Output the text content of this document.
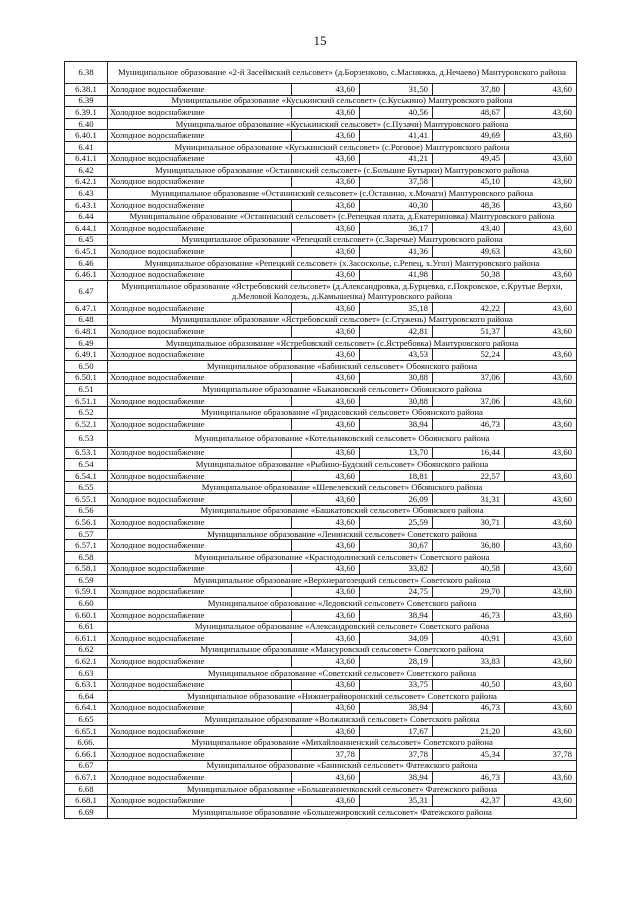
15
6.38	Муниципальное образование «2-й Засеймский сельсовет» (д.Борзенково, с.Масняжка, д.Нечаево) Мантуровского района				
6.38.1	Холодное водоснабжение	43,60	31,50	37,80	43,60
6.39	Муниципальное образование «Куськинский сельсовет» (с.Куськино) Мантуровского района				
6.39.1	Холодное водоснабжение	43,60	40,56	48,67	43,60
6.40	Муниципальное образование «Куськинский сельсовет» (с.Пузачи) Мантуровского района				
6.40.1	Холодное водоснабжение	43,60	41,41	49,69	43,60
6.41	Муниципальное образование «Куськинский сельсовет» (с.Роговое) Мантуровского района				
6.41.1	Холодное водоснабжение	43,60	41,21	49,45	43,60
6.42	Муниципальное образование «Останинский сельсовет» (с.Большие Бутырки) Мантуровского района				
6.42.1	Холодное водоснабжение	43,60	37,58	45,10	43,60
6.43	Муниципальное образование «Останинский сельсовет» (с.Останино, х.Мочаги) Мантуровского района				
6.43.1	Холодное водоснабжение	43,60	40,30	48,36	43,60
6.44	Муниципальное образование «Останинский сельсовет» (с.Репецкая плата, д.Екатериновка) Мантуровского района				
6.44.1	Холодное водоснабжение	43,60	36,17	43,40	43,60
6.45	Муниципальное образование «Репецкий сельсовет» (с.Заречье) Мантуровского района				
6.45.1	Холодное водоснабжение	43,60	41,36	49,63	43,60
6.46	Муниципальное образование «Репецкий сельсовет» (х.Засосколье, с.Репец, х.Угол) Мантуровского района				
6.46.1	Холодное водоснабжение	43,60	41,98	50,38	43,60
6.47	Муниципальное образование «Ястребовский сельсовет» (д.Александровка, д.Бурцевка, с.Покровское, с.Крутые Верхи, д.Меловой Колодезь, д.Камышенка) Мантуровского района				
6.47.1	Холодное водоснабжение	43,60	35,18	42,22	43,60
6.48	Муниципальное образование «Ястребовский сельсовет» (с.Стужень) Мантуровского района				
6.48.1	Холодное водоснабжение	43,60	42,81	51,37	43,60
6.49	Муниципальное образование «Ястребовский сельсовет» (с.Ястребовка) Мантуровского района				
6.49.1	Холодное водоснабжение	43,60	43,53	52,24	43,60
6.50	Муниципальное образование «Бабинский сельсовет» Обоянского района				
6.50.1	Холодное водоснабжение	43,60	30,88	37,06	43,60
6.51	Муниципальное образование «Быкановский сельсовет» Обоянского района				
6.51.1	Холодное водоснабжение	43,60	30,88	37,06	43,60
6.52	Муниципальное образование «Гридасовский сельсовет» Обоянского района				
6.52.1	Холодное водоснабжение	43,60	38,94	46,73	43,60
6.53	Муниципальное образование «Котельниковский сельсовет» Обоянского района				
6.53.1	Холодное водоснабжение	43,60	13,70	16,44	43,60
6.54	Муниципальное образование «Рыбино-Будский сельсовет» Обоянского района				
6.54.1	Холодное водоснабжение	43,60	18,81	22,57	43,60
6.55	Муниципальное образование «Шевелевский сельсовет» Обоянского района				
6.55.1	Холодное водоснабжение	43,60	26,09	31,31	43,60
6.56	Муниципальное образование «Башкатовский сельсовет» Обоянского района				
6.56.1	Холодное водоснабжение	43,60	25,59	30,71	43,60
6.57	Муниципальное образование «Ленинский сельсовет» Советского района				
6.57.1	Холодное водоснабжение	43,60	30,67	36,80	43,60
6.58	Муниципальное образование «Краснодолинский сельсовет» Советского района				
6.58.1	Холодное водоснабжение	43,60	33,82	40,58	43,60
6.59	Муниципальное образование «Верхнерагозецкий сельсовет» Советского района				
6.59.1	Холодное водоснабжение	43,60	24,75	29,70	43,60
6.60	Муниципальное образование «Ледовский сельсовет» Советского района				
6.60.1	Холодное водоснабжение	43,60	38,94	46,73	43,60
6.61	Муниципальное образование «Александровский сельсовет» Советского района				
6.61.1	Холодное водоснабжение	43,60	34,09	40,91	43,60
6.62	Муниципальное образование «Мансуровский сельсовет» Советского района				
6.62.1	Холодное водоснабжение	43,60	28,19	33,83	43,60
6.63	Муниципальное образование «Советский сельсовет» Советского района				
6.63.1	Холодное водоснабжение	43,60	33,75	40,50	43,60
6.64	Муниципальное образование «Нижнеграйворонский сельсовет» Советского района				
6.64.1	Холодное водоснабжение	43,60	38,94	46,73	43,60
6.65	Муниципальное образование «Волжанский сельсовет» Советского района				
6.65.1	Холодное водоснабжение	43,60	17,67	21,20	43,60
6.66.	Муниципальное образование «Михайлоанненский сельсовет» Советского района				
6.66.1	Холодное водоснабжение	37,78	37,78	45,34	37,78
6.67	Муниципальное образование «Банинский сельсовет» Фатежского района				
6.67.1	Холодное водоснабжение	43,60	38,94	46,73	43,60
6.68	Муниципальное образование «Большеанненковский сельсовет» Фатежского района				
6.68.1	Холодное водоснабжение	43,60	35,31	42,37	43,60
6.69	Муниципальное образование «Большежировский сельсовет» Фатежского района				
